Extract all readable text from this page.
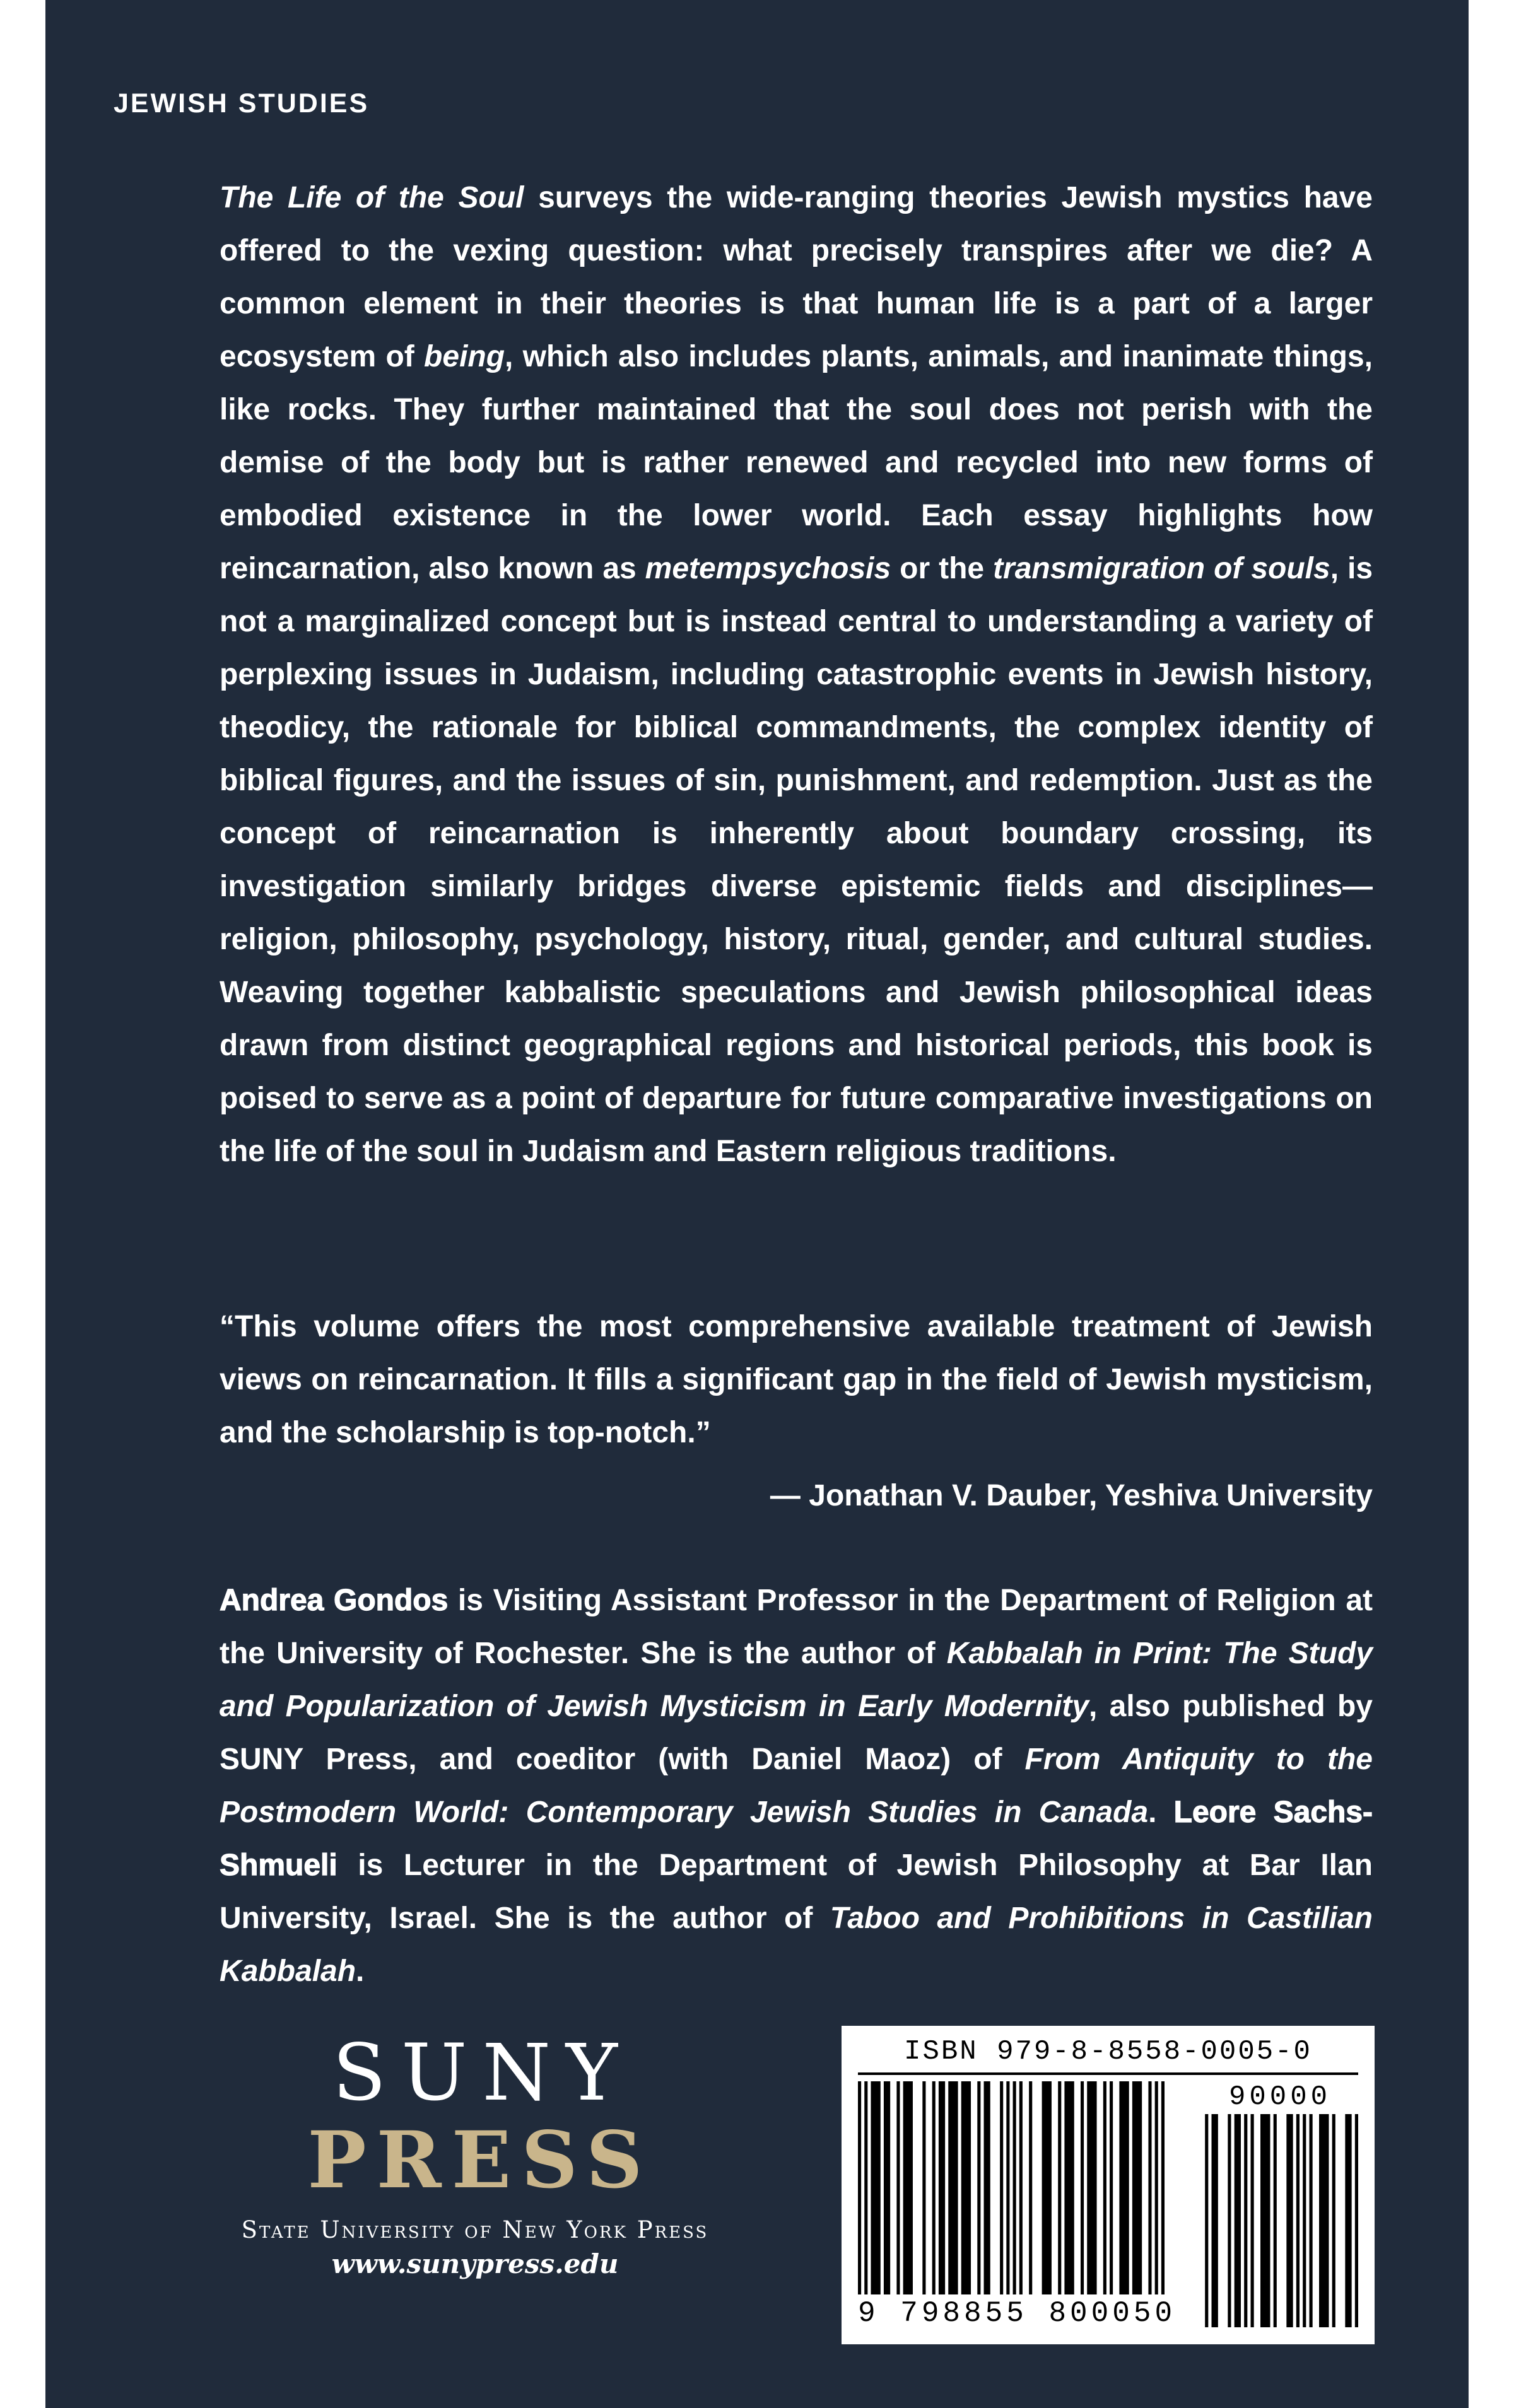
JEWISH STUDIES
The Life of the Soul surveys the wide-ranging theories Jewish mystics have offered to the vexing question: what precisely transpires after we die? A common element in their theories is that human life is a part of a larger ecosystem of being, which also includes plants, animals, and inanimate things, like rocks. They further maintained that the soul does not perish with the demise of the body but is rather renewed and recycled into new forms of embodied existence in the lower world. Each essay highlights how reincarnation, also known as metempsychosis or the transmigration of souls, is not a marginalized concept but is instead central to understanding a variety of perplexing issues in Judaism, including catastrophic events in Jewish history, theodicy, the rationale for biblical commandments, the complex identity of biblical figures, and the issues of sin, punishment, and redemption. Just as the concept of reincarnation is inherently about boundary crossing, its investigation similarly bridges diverse epistemic fields and disciplines—religion, philosophy, psychology, history, ritual, gender, and cultural studies. Weaving together kabbalistic speculations and Jewish philosophical ideas drawn from distinct geographical regions and historical periods, this book is poised to serve as a point of departure for future comparative investigations on the life of the soul in Judaism and Eastern religious traditions.
“This volume offers the most comprehensive available treatment of Jewish views on reincarnation. It fills a significant gap in the field of Jewish mysticism, and the scholarship is top-notch.”
— Jonathan V. Dauber, Yeshiva University
Andrea Gondos is Visiting Assistant Professor in the Department of Religion at the University of Rochester. She is the author of Kabbalah in Print: The Study and Popularization of Jewish Mysticism in Early Modernity, also published by SUNY Press, and coeditor (with Daniel Maoz) of From Antiquity to the Postmodern World: Contemporary Jewish Studies in Canada. Leore Sachs-Shmueli is Lecturer in the Department of Jewish Philosophy at Bar Ilan University, Israel. She is the author of Taboo and Prohibitions in Castilian Kabbalah.
SUNY
PRESS
State University of New York Press
www.sunypress.edu
ISBN 979-8-8558-0005-0
9 798855 800050
90000
